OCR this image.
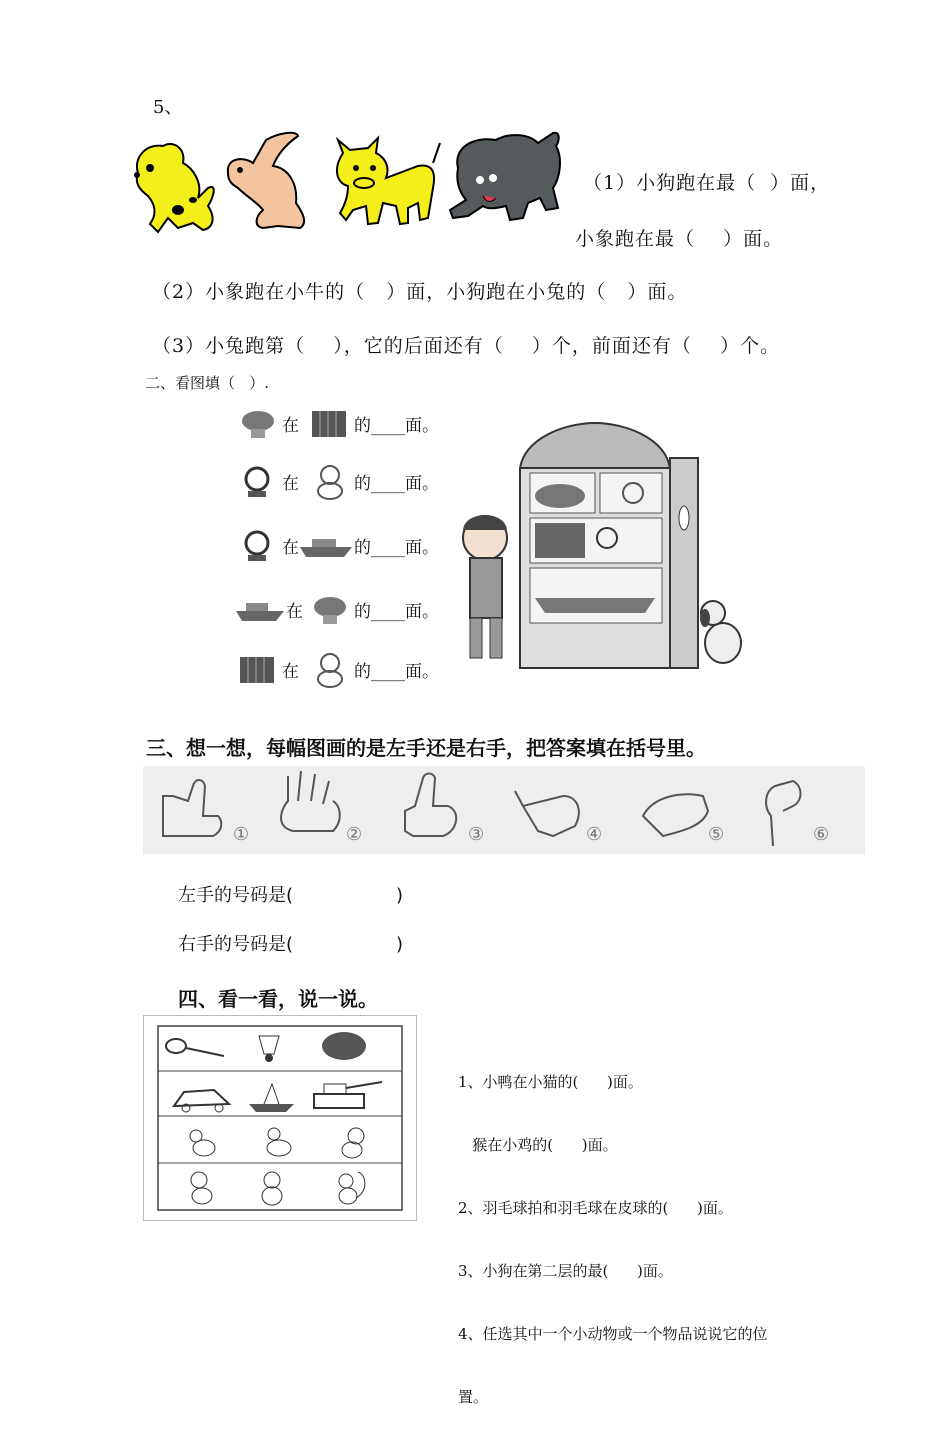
5、
（1）小狗跑在最（  ）面，
小象跑在最（    ）面。
（2）小象跑在小牛的（   ）面，小狗跑在小兔的（   ）面。
（3）小兔跑第（    ），它的后面还有（    ）个，前面还有（    ）个。
二、看图填（   ）.
在	的____面。
在	的____面。
在	的____面。
在	的____面。
在	的____面。
三、想一想，每幅图画的是左手还是右手，把答案填在括号里。
①	②	③	④	⑤	⑥
左手的号码是(                  )
右手的号码是(                  )
四、看一看，说一说。

1、小鸭在小猫的(      )面。

猴在小鸡的(      )面。

2、羽毛球拍和羽毛球在皮球的(      )面。

3、小狗在第二层的最(      )面。

4、任选其中一个小动物或一个物品说说它的位

置。
